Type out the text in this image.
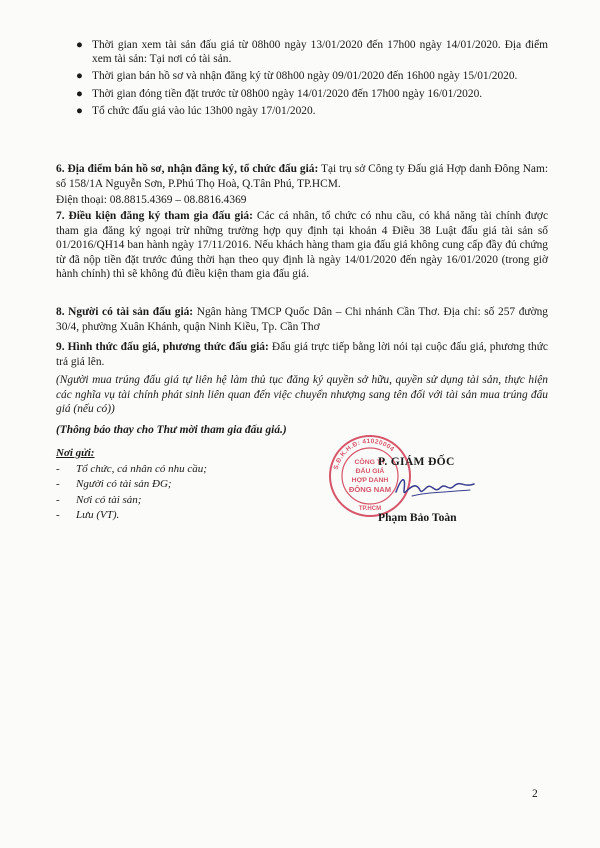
● Thời gian xem tài sản đấu giá từ 08h00 ngày 13/01/2020 đến 17h00 ngày 14/01/2020. Địa điểm xem tài sản: Tại nơi có tài sản.
● Thời gian bán hồ sơ và nhận đăng ký từ 08h00 ngày 09/01/2020 đến 16h00 ngày 15/01/2020.
● Thời gian đóng tiền đặt trước từ 08h00 ngày 14/01/2020 đến 17h00 ngày 16/01/2020.
● Tổ chức đấu giá vào lúc 13h00 ngày 17/01/2020.
6. Địa điểm bán hồ sơ, nhận đăng ký, tổ chức đấu giá: Tại trụ sở Công ty Đấu giá Hợp danh Đông Nam: số 158/1A Nguyễn Sơn, P.Phú Thọ Hoà, Q.Tân Phú, TP.HCM.
Điện thoại: 08.8815.4369 – 08.8816.4369
7. Điều kiện đăng ký tham gia đấu giá: Các cá nhân, tổ chức có nhu cầu, có khả năng tài chính được tham gia đăng ký ngoại trừ những trường hợp quy định tại khoản 4 Điều 38 Luật đấu giá tài sản số 01/2016/QH14 ban hành ngày 17/11/2016. Nếu khách hàng tham gia đấu giá không cung cấp đầy đủ chứng từ đã nộp tiền đặt trước đúng thời hạn theo quy định là ngày 14/01/2020 đến ngày 16/01/2020 (trong giờ hành chính) thì sẽ không đủ điều kiện tham gia đấu giá.
8. Người có tài sản đấu giá: Ngân hàng TMCP Quốc Dân – Chi nhánh Cần Thơ. Địa chỉ: số 257 đường 30/4, phường Xuân Khánh, quận Ninh Kiều, Tp. Cần Thơ
9. Hình thức đấu giá, phương thức đấu giá: Đấu giá trực tiếp bằng lời nói tại cuộc đấu giá, phương thức trả giá lên.
(Người mua trúng đấu giá tự liên hệ làm thủ tục đăng ký quyền sở hữu, quyền sử dụng tài sản, thực hiện các nghĩa vụ tài chính phát sinh liên quan đến việc chuyển nhượng sang tên đối với tài sản mua trúng đấu giá (nếu có))
(Thông báo thay cho Thư mời tham gia đấu giá.)
Nơi gửi:
- Tổ chức, cá nhân có nhu cầu;
- Người có tài sản ĐG;
- Nơi có tài sản;
- Lưu (VT).
S.Đ.K.H.Đ: 41020004
CÔNG TY
ĐẤU GIÁ
HỢP DANH
ĐÔNG NAM
TP.HCM
P. GIÁM ĐỐC
Phạm Bảo Toàn
2
